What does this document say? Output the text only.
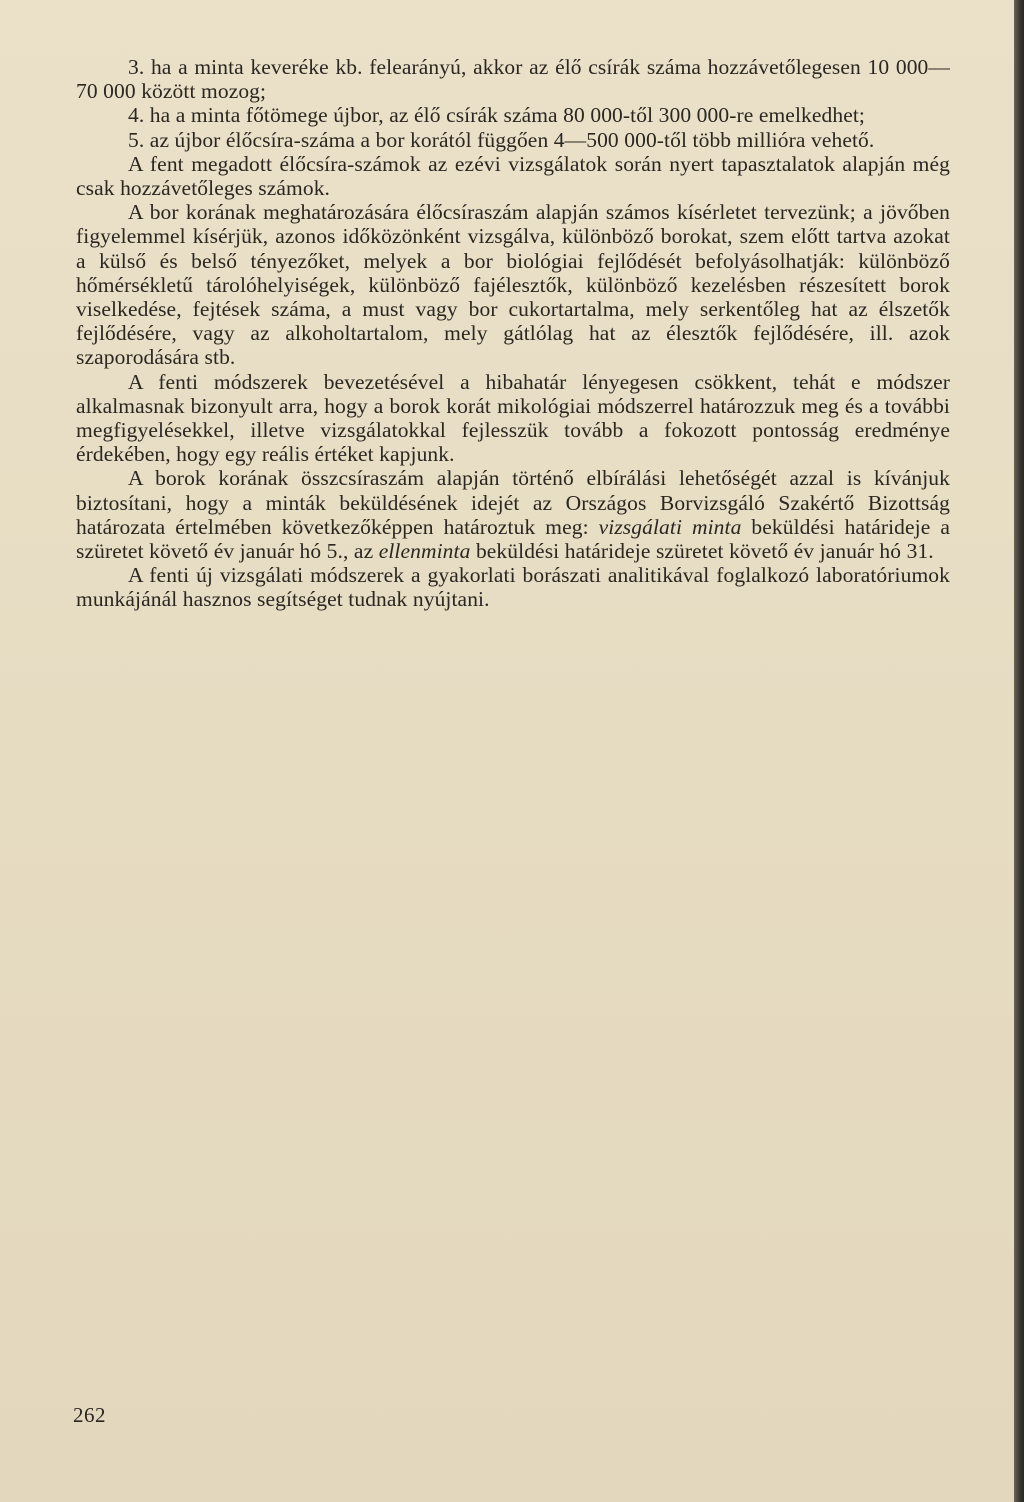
3. ha a minta keveréke kb. felearányú, akkor az élő csírák száma hozzávetőlegesen 10 000—70 000 között mozog;

4. ha a minta főtömege újbor, az élő csírák száma 80 000-től 300 000-re emelkedhet;

5. az újbor élőcsíra-száma a bor korától függően 4—500 000-től több millióra vehető.

A fent megadott élőcsíra-számok az ezévi vizsgálatok során nyert tapasztalatok alapján még csak hozzávetőleges számok.

A bor korának meghatározására élőcsíraszám alapján számos kísérletet tervezünk; a jövőben figyelemmel kísérjük, azonos időközönként vizsgálva, különböző borokat, szem előtt tartva azokat a külső és belső tényezőket, melyek a bor biológiai fejlődését befolyásolhatják: különböző hőmérsékletű tárolóhelyiségek, különböző fajélesztők, különböző kezelésben részesített borok viselkedése, fejtések száma, a must vagy bor cukortartalma, mely serkentőleg hat az élszetők fejlődésére, vagy az alkoholtartalom, mely gátlólag hat az élesztők fejlődésére, ill. azok szaporodására stb.

A fenti módszerek bevezetésével a hibahatár lényegesen csökkent, tehát e módszer alkalmasnak bizonyult arra, hogy a borok korát mikológiai módszerrel határozzuk meg és a további megfigyelésekkel, illetve vizsgálatokkal fejlesszük tovább a fokozott pontosság eredménye érdekében, hogy egy reális értéket kapjunk.

A borok korának összcsíraszám alapján történő elbírálási lehetőségét azzal is kívánjuk biztosítani, hogy a minták beküldésének idejét az Országos Borvizsgáló Szakértő Bizottság határozata értelmében következőképpen határoztuk meg: vizsgálati minta beküldési határideje a szüretet követő év január hó 5., az ellenminta beküldési határideje szüretet követő év január hó 31.

A fenti új vizsgálati módszerek a gyakorlati borászati analitikával foglalkozó laboratóriumok munkájánál hasznos segítséget tudnak nyújtani.

262
